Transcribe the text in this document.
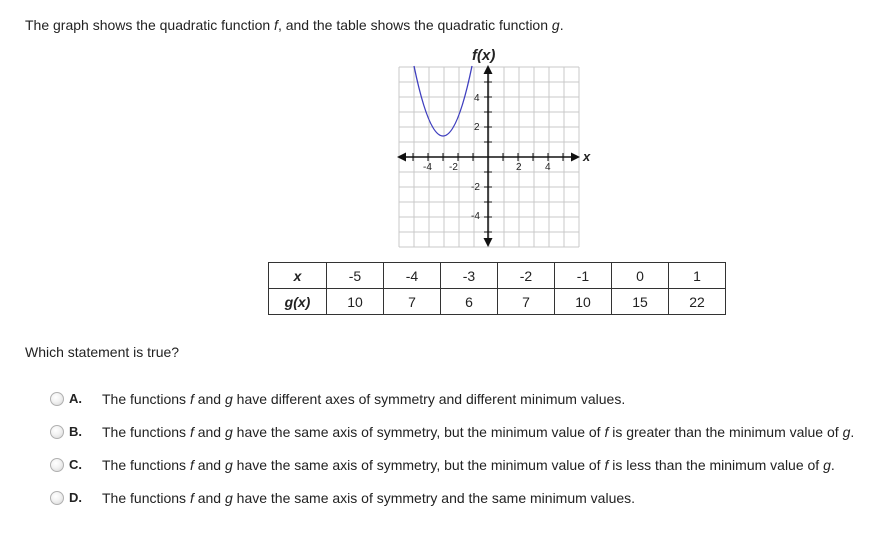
The graph shows the quadratic function f, and the table shows the quadratic function g.
f(x)
x
-4 -2	2 4
4
2
-2
-4
x	-5	-4	-3	-2	-1	0	1
g(x)	10	7	6	7	10	15	22
Which statement is true?
A. The functions f and g have different axes of symmetry and different minimum values.
B. The functions f and g have the same axis of symmetry, but the minimum value of f is greater than the minimum value of g.
C. The functions f and g have the same axis of symmetry, but the minimum value of f is less than the minimum value of g.
D. The functions f and g have the same axis of symmetry and the same minimum values.
